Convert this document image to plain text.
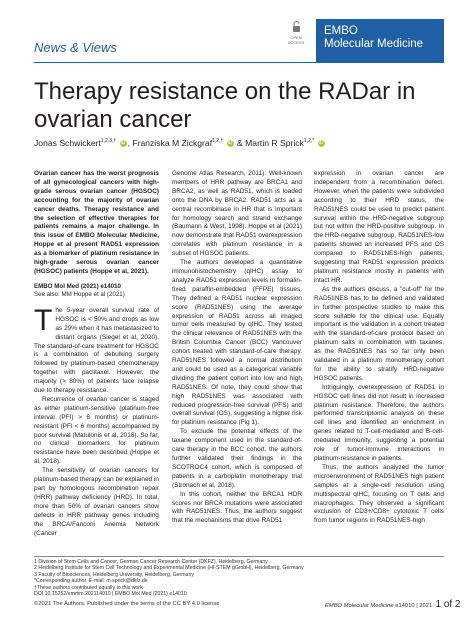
News & Views
OPEN
ACCESS
EMBO
Molecular Medicine
Therapy resistance on the RADar in
ovarian cancer
Jonas Schwickert$^{1,2,3,\dagger}$ iD , Franziska M Zickgraf$^{1,2,\dagger}$ iD & Martin R Sprick$^{1,2,*}$ iD

Ovarian cancer has the worst prognosis of all gynecological cancers with high-grade serous ovarian cancer (HGSOC) accounting for the majority of ovarian cancer deaths. Therapy resistance and the selection of effective therapies for patients remains a major challenge. In this issue of EMBO Molecular Medicine, Hoppe et al present RAD51 expression as a biomarker of platinum resistance in high-grade serous ovarian cancer (HGSOC) patients (Hoppe et al, 2021).

EMBO Mol Med (2021) e14010
See also: MM Hoppe et al (2021)

The 5-year overall survival rate of HGSOC is < 50% and drops as low as 29% when it has metastasized to distant organs (Siegel et al, 2020). The standard-of-care treatment for HGSOC is a combination of debulking surgery followed by platinum-based chemotherapy together with paclitaxel. However, the majority (> 80%) of patients face relapse due to therapy resistance.

Recurrence of ovarian cancer is staged as either platinum-sensitive (platinum-free interval (PFI) > 6 months) or platinum-resistant (PFI < 6 months) accompanied by poor survival (Matulonis et al, 2016). So far, no clinical biomarkers for platinum resistance have been described (Hoppe et al, 2018).

The sensitivity of ovarian cancers for platinum-based therapy can be explained in part by homologous recombination repair (HRR) pathway deficiency (HRD). In total, more than 50% of ovarian cancers show defects in HRR pathway genes including the BRCA/Fanconi Anemia Network (Cancer

Genome Atlas Research, 2011). Well-known members of HRR pathway are BRCA1 and BRCA2, as well as RAD51, which is loaded onto the DNA by BRCA2. RAD51 acts as a central recombinase in HR that is important for homology search and strand exchange (Baumann & West, 1998). Hoppe et al (2021) now demonstrate that RAD51 overexpression correlates with platinum resistance in a subset of HGSOC patients.

The authors developed a quantitative immunohistochemistry (qIHC) assay to analyze RAD51 expression levels in formalin-fixed paraffin-embedded (FFPE) tissues. They defined a RAD51 nuclear expression score (RAD51NES) using the average expression of RAD51 across all imaged tumor cells measured by qIHC. They tested the clinical relevance of RAD51NES with the British Columbia Cancer (BCC) Vancouver cohort treated with standard-of-care therapy. RAD51NES followed a normal distribution and could be used as a categorical variable dividing the patient cohort into low and high RAD51NES. Of note, they could show that high RAD51NES was associated with reduced progression-free survival (PFS) and overall survival (OS), suggesting a higher risk for platinum resistance (Fig 1).

To exclude the potential effects of the taxane component used in the standard-of-care therapy in the BCC cohort, the authors further validated their findings in the SCOTROC4 cohort, which is composed of patients in a carboplatin monotherapy trial (Stronach et al, 2018).

In this cohort, neither the BRCA1 HDR scores nor BRCA mutations were associated with RAD51NES. Thus, the authors suggest that the mechanisms that drive RAD51

expression in ovarian cancer are independent from a recombination defect. However, when the patients were subdivided according to their HRD status, the RAD51NES could be used to predict patient survival within the HRD-negative subgroup but not within the HRD-positive subgroup. In the HRD-negative subgroup, RAD51NES-low patients showed an increased PFS and OS compared to RAD51NES-high patients, suggesting that RAD51 expression predicts platinum resistance mostly in patients with intact HR.

As the authors discuss, a "cut-off" for the RAD51NES has to be defined and validated in further prospective studies to make this score suitable for the clinical use. Equally important is the validation in a cohort treated with the standard-of-care protocol based on platinum salts in combination with taxanes, as the RAD51NES has so far only been validated in a platinum monotherapy cohort for the ability to stratify HRD-negative HGSOC patients.

Intriguingly, overexpression of RAD51 in HGSOC cell lines did not result in increased platinum resistance. Therefore, the authors performed transcriptomic analysis on these cell lines and identified an enrichment in genes related to T-cell-mediated and B-cell-mediated immunity, suggesting a potential role of tumor-immune interactions in platinum-resistance in patients.

Thus, the authors analyzed the tumor microenvironment of RAD51NES high patient samples at a single-cell resolution using multispectral qIHC, focusing on T cells and macrophages. They observed a significant exclusion of CD3+/CD8+ cytotoxic T cells from tumor regions in RAD51NES-high

1 Division of Stem Cells and Cancer, German Cancer Research Center (DKFZ), Heidelberg, Germany
2 Heidelberg Institute for Stem Cell Technology and Experimental Medicine (HI-STEM gGmbH), Heidelberg, Germany
3 Faculty of Biosciences, Heidelberg University, Heidelberg, Germany
*Corresponding author. E-mail: m.sprick@dkfz.de
†These authors contributed equally to this work
DOI 10.15252/emmm.202114010 | EMBO Mol Med (2021) e14010
©2021 The Authors. Published under the terms of the CC BY 4.0 license	EMBO Molecular Medicine e14010 | 2021 1 of 2
